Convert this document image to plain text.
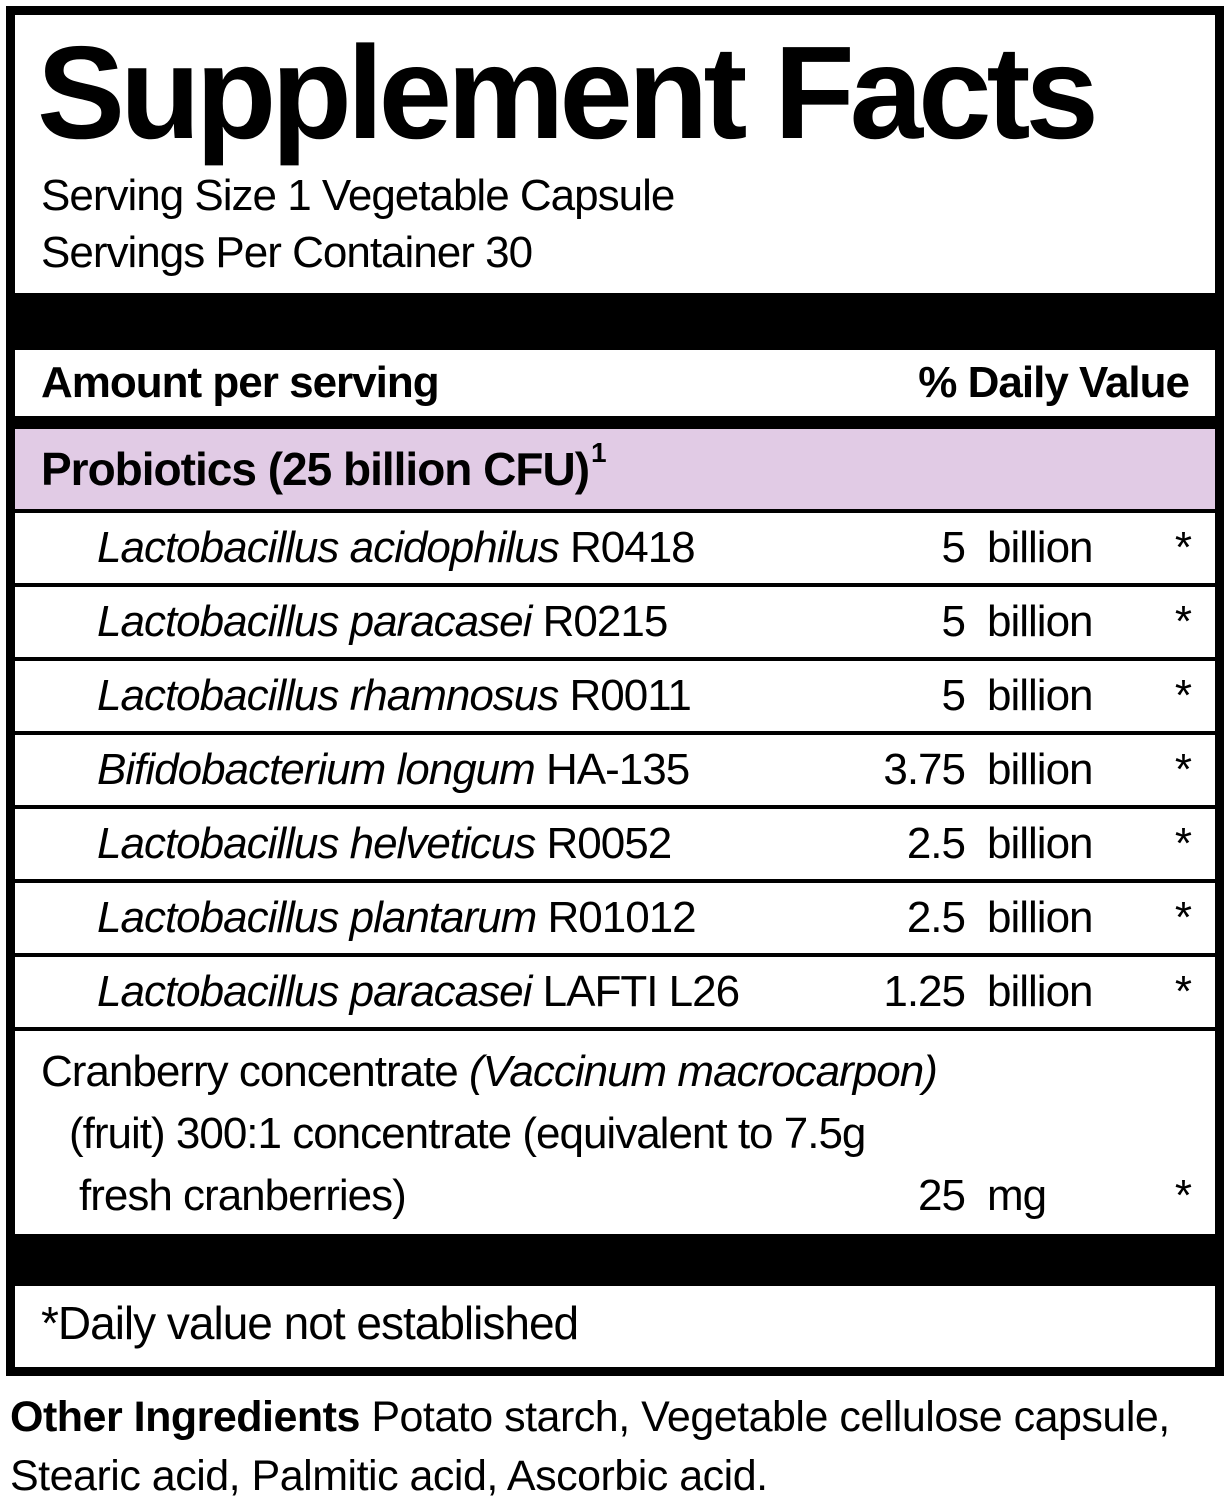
Supplement Facts
Serving Size 1 Vegetable Capsule
Servings Per Container 30
Amount per serving	% Daily Value
Probiotics (25 billion CFU) 1
Lactobacillus acidophilus R0418	5 billion	*
Lactobacillus paracasei R0215	5 billion	*
Lactobacillus rhamnosus R0011	5 billion	*
Bifidobacterium longum HA-135	3.75 billion	*
Lactobacillus helveticus R0052	2.5 billion	*
Lactobacillus plantarum R01012	2.5 billion	*
Lactobacillus paracasei LAFTI L26	1.25 billion	*
Cranberry concentrate (Vaccinum macrocarpon)
(fruit) 300:1 concentrate (equivalent to 7.5g
fresh cranberries)	25 mg	*
*Daily value not established
Other Ingredients Potato starch, Vegetable cellulose capsule,
Stearic acid, Palmitic acid, Ascorbic acid.
